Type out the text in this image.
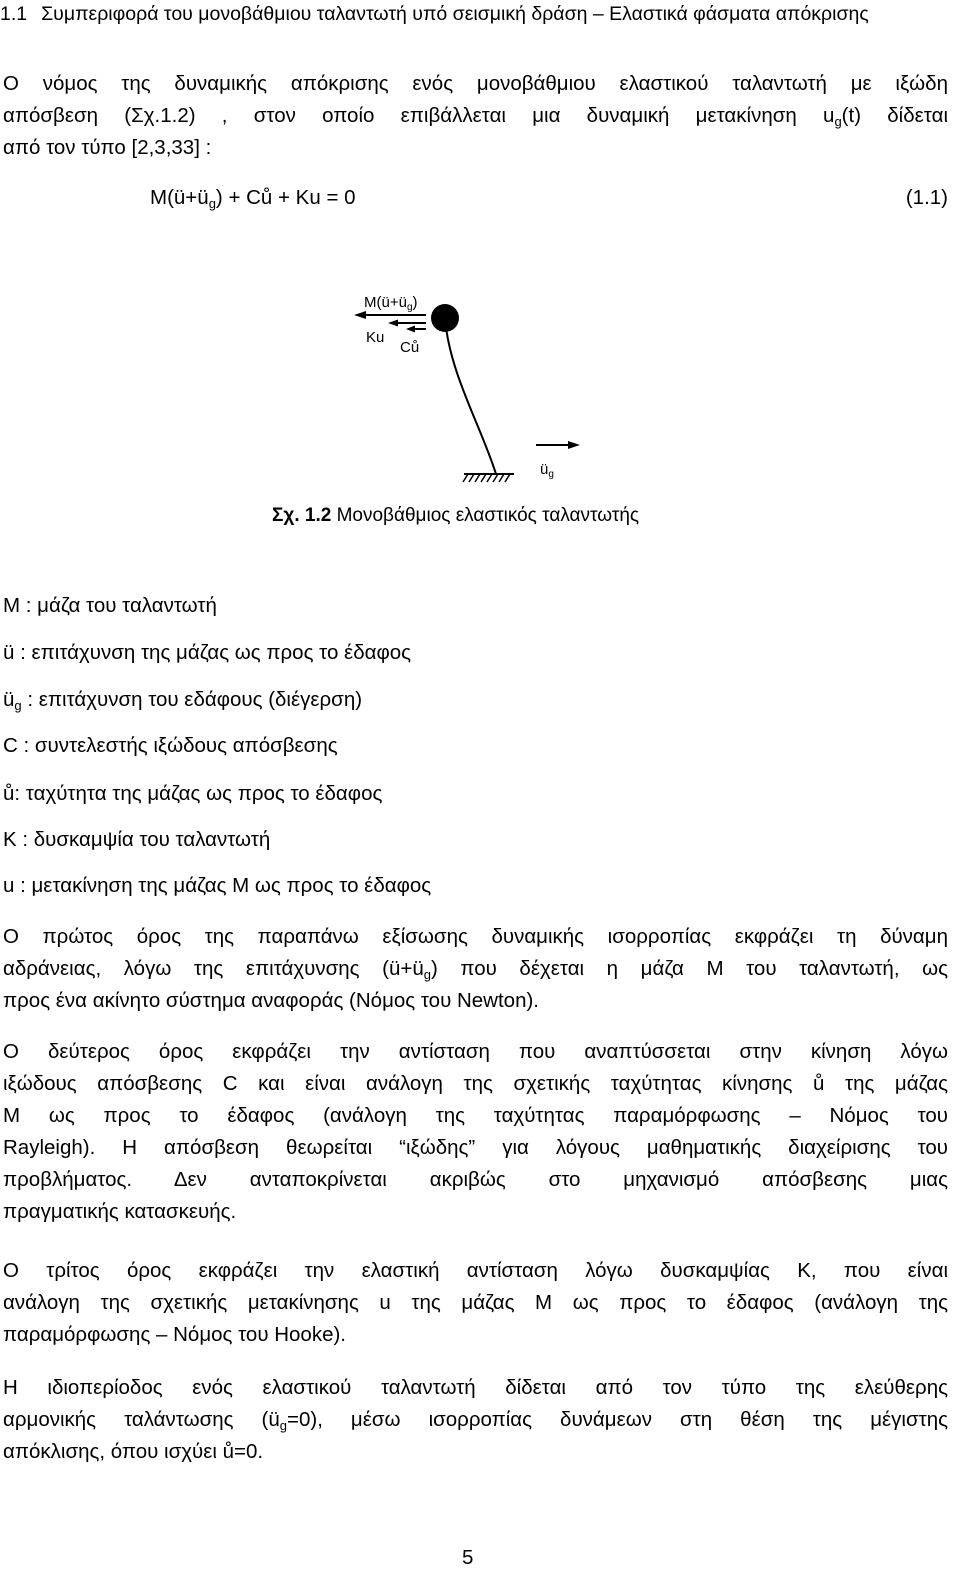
1.1 Συμπεριφορά του μονοβάθμιου ταλαντωτή υπό σεισμική δράση – Ελαστικά φάσματα απόκρισης
Ο νόμος της δυναμικής απόκρισης ενός μονοβάθμιου ελαστικού ταλαντωτή με ιξώδη
απόσβεση (Σχ.1.2) , στον οποίο επιβάλλεται μια δυναμική μετακίνηση $u_g(t)$ δίδεται
από τον τύπο [2,3,33] :
$M(ü+ü_g)$ + Ců + Ku = 0	(1.1)
$M(ü+ü_g)$
Ku
Ců
$ü_g$
Σχ. 1.2 Μονοβάθμιος ελαστικός ταλαντωτής
M : μάζα του ταλαντωτή
ü : επιτάχυνση της μάζας ως προς το έδαφος
$ü_g$ : επιτάχυνση του εδάφους (διέγερση)
C : συντελεστής ιξώδους απόσβεσης
ů: ταχύτητα της μάζας ως προς το έδαφος
K : δυσκαμψία του ταλαντωτή
u : μετακίνηση της μάζας M ως προς το έδαφος
Ο πρώτος όρος της παραπάνω εξίσωσης δυναμικής ισορροπίας εκφράζει τη δύναμη
αδράνειας, λόγω της επιτάχυνσης $(ü+ü_g)$ που δέχεται η μάζα M του ταλαντωτή, ως
προς ένα ακίνητο σύστημα αναφοράς (Νόμος του Newton).
Ο δεύτερος όρος εκφράζει την αντίσταση που αναπτύσσεται στην κίνηση λόγω
ιξώδους απόσβεσης C και είναι ανάλογη της σχετικής ταχύτητας κίνησης ů της μάζας
M ως προς το έδαφος (ανάλογη της ταχύτητας παραμόρφωσης – Νόμος του
Rayleigh). Η απόσβεση θεωρείται “ιξώδης” για λόγους μαθηματικής διαχείρισης του
προβλήματος. Δεν ανταποκρίνεται ακριβώς στο μηχανισμό απόσβεσης μιας
πραγματικής κατασκευής.
Ο τρίτος όρος εκφράζει την ελαστική αντίσταση λόγω δυσκαμψίας K, που είναι
ανάλογη της σχετικής μετακίνησης u της μάζας M ως προς το έδαφος (ανάλογη της
παραμόρφωσης – Νόμος του Hooke).
Η ιδιοπερίοδος ενός ελαστικού ταλαντωτή δίδεται από τον τύπο της ελεύθερης
αρμονικής ταλάντωσης $(ü_g=0)$, μέσω ισορροπίας δυνάμεων στη θέση της μέγιστης
απόκλισης, όπου ισχύει ů=0.
5
